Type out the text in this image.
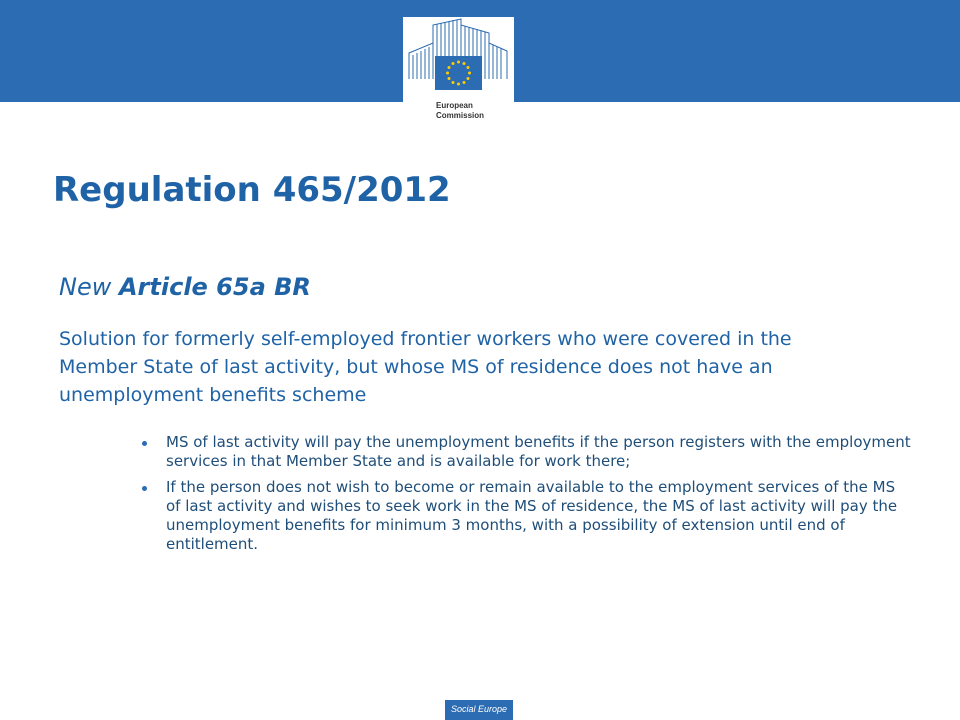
European
Commission
Regulation 465/2012
New Article 65a BR

Solution for formerly self-employed frontier workers who were covered in the Member State of last activity, but whose MS of residence does not have an unemployment benefits scheme

MS of last activity will pay the unemployment benefits if the person registers with the employment services in that Member State and is available for work there;
If the person does not wish to become or remain available to the employment services of the MS of last activity and wishes to seek work in the MS of residence, the MS of last activity will pay the unemployment benefits for minimum 3 months, with a possibility of extension until end of entitlement.
Social Europe
